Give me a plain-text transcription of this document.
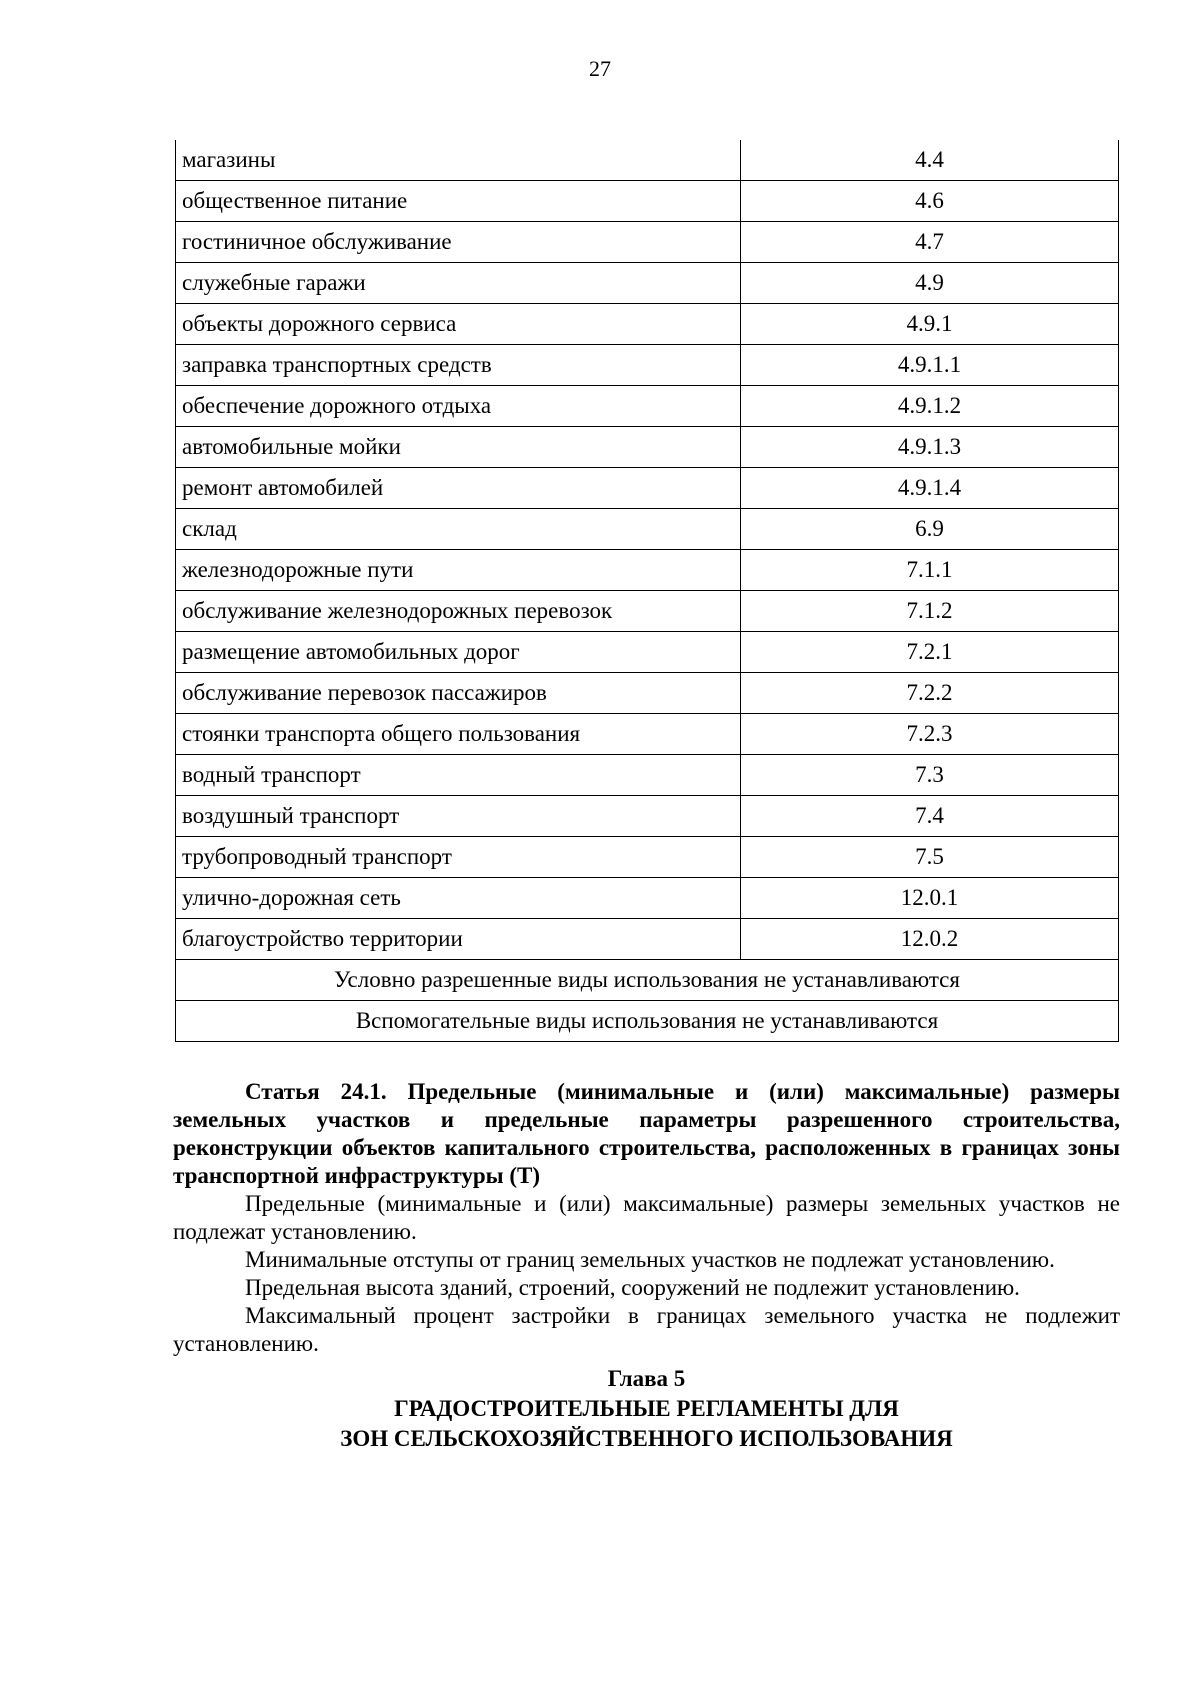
27
магазины	4.4
общественное питание	4.6
гостиничное обслуживание	4.7
служебные гаражи	4.9
объекты дорожного сервиса	4.9.1
заправка транспортных средств	4.9.1.1
обеспечение дорожного отдыха	4.9.1.2
автомобильные мойки	4.9.1.3
ремонт автомобилей	4.9.1.4
склад	6.9
железнодорожные пути	7.1.1
обслуживание железнодорожных перевозок	7.1.2
размещение автомобильных дорог	7.2.1
обслуживание перевозок пассажиров	7.2.2
стоянки транспорта общего пользования	7.2.3
водный транспорт	7.3
воздушный транспорт	7.4
трубопроводный транспорт	7.5
улично-дорожная сеть	12.0.1
благоустройство территории	12.0.2
Условно разрешенные виды использования не устанавливаются	
Вспомогательные виды использования не устанавливаются	

Статья 24.1. Предельные (минимальные и (или) максимальные) размеры земельных участков и предельные параметры разрешенного строительства, реконструкции объектов капитального строительства, расположенных в границах зоны транспортной инфраструктуры (Т)

Предельные (минимальные и (или) максимальные) размеры земельных участков не подлежат установлению.

Минимальные отступы от границ земельных участков не подлежат установлению.

Предельная высота зданий, строений, сооружений не подлежит установлению.

Максимальный процент застройки в границах земельного участка не подлежит установлению.

Глава 5
ГРАДОСТРОИТЕЛЬНЫЕ РЕГЛАМЕНТЫ ДЛЯ
ЗОН СЕЛЬСКОХОЗЯЙСТВЕННОГО ИСПОЛЬЗОВАНИЯ
